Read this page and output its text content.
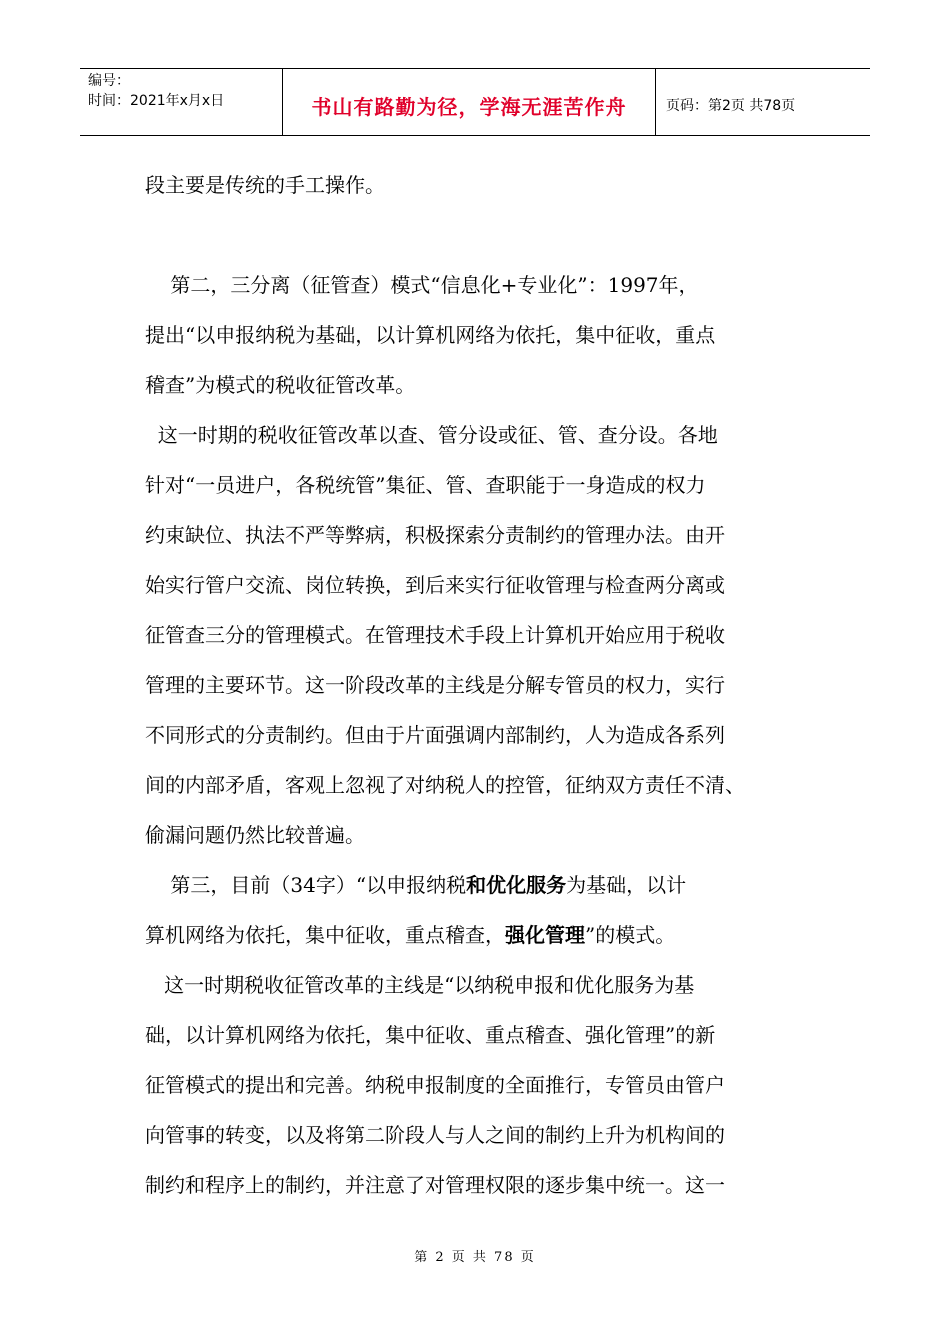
编号：
时间：2021年x月x日	书山有路勤为径，学海无涯苦作舟	页码：第2页 共78页
段主要是传统的手工操作。
第二，三分离（征管查）模式“信息化+专业化”：1997年，
提出“以申报纳税为基础，以计算机网络为依托，集中征收，重点
稽查”为模式的税收征管改革。
这一时期的税收征管改革以查、管分设或征、管、查分设。各地
针对“一员进户，各税统管”集征、管、查职能于一身造成的权力
约束缺位、执法不严等弊病，积极探索分责制约的管理办法。由开
始实行管户交流、岗位转换，到后来实行征收管理与检查两分离或
征管查三分的管理模式。在管理技术手段上计算机开始应用于税收
管理的主要环节。这一阶段改革的主线是分解专管员的权力，实行
不同形式的分责制约。但由于片面强调内部制约，人为造成各系列
间的内部矛盾，客观上忽视了对纳税人的控管，征纳双方责任不清、
偷漏问题仍然比较普遍。
第三，目前（34字）“以申报纳税和优化服务为基础，以计
算机网络为依托，集中征收，重点稽查，强化管理”的模式。
这一时期税收征管改革的主线是“以纳税申报和优化服务为基
础，以计算机网络为依托，集中征收、重点稽查、强化管理”的新
征管模式的提出和完善。纳税申报制度的全面推行，专管员由管户
向管事的转变，以及将第二阶段人与人之间的制约上升为机构间的
制约和程序上的制约，并注意了对管理权限的逐步集中统一。这一
第 2 页 共 78 页
